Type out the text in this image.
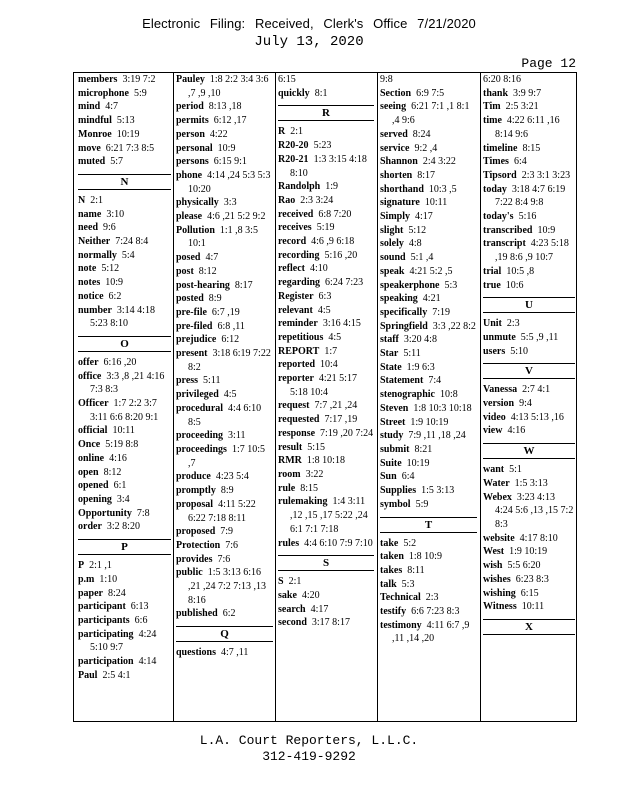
Electronic Filing: Received, Clerk's Office 7/21/2020
July 13, 2020
Page 12
members 3:19 7:2
microphone 5:9
mind 4:7
mindful 5:13
Monroe 10:19
move 6:21 7:3 8:5
muted 5:7
N
N 2:1
name 3:10
need 9:6
Neither 7:24 8:4
normally 5:4
note 5:12
notes 10:9
notice 6:2
number 3:14 4:18 5:23 8:10
O
offer 6:16 ,20
office 3:3 ,8 ,21 4:16 7:3 8:3
Officer 1:7 2:2 3:7 3:11 6:6 8:20 9:1
official 10:11
Once 5:19 8:8
online 4:16
open 8:12
opened 6:1
opening 3:4
Opportunity 7:8
order 3:2 8:20
P
P 2:1 ,1
p.m 1:10
paper 8:24
participant 6:13
participants 6:6
participating 4:24 5:10 9:7
participation 4:14
Paul 2:5 4:1
Pauley 1:8 2:2 3:4 3:6 ,7 ,9 ,10
period 8:13 ,18
permits 6:12 ,17
person 4:22
personal 10:9
persons 6:15 9:1
phone 4:14 ,24 5:3 5:3 10:20
physically 3:3
please 4:6 ,21 5:2 9:2
Pollution 1:1 ,8 3:5 10:1
posed 4:7
post 8:12
post-hearing 8:17
posted 8:9
pre-file 6:7 ,19
pre-filed 6:8 ,11
prejudice 6:12
present 3:18 6:19 7:22 8:2
press 5:11
privileged 4:5
procedural 4:4 6:10 8:5
proceeding 3:11
proceedings 1:7 10:5 ,7
produce 4:23 5:4
promptly 8:9
proposal 4:11 5:22 6:22 7:18 8:11
proposed 7:9
Protection 7:6
provides 7:6
public 1:5 3:13 6:16 ,21 ,24 7:2 7:13 ,13 8:16
published 6:2
Q
questions 4:7 ,11
6:15
quickly 8:1
R
R 2:1
R20-20 5:23
R20-21 1:3 3:15 4:18 8:10
Randolph 1:9
Rao 2:3 3:24
received 6:8 7:20
receives 5:19
record 4:6 ,9 6:18
recording 5:16 ,20
reflect 4:10
regarding 6:24 7:23
Register 6:3
relevant 4:5
reminder 3:16 4:15
repetitious 4:5
REPORT 1:7
reported 10:4
reporter 4:21 5:17 5:18 10:4
request 7:7 ,21 ,24
requested 7:17 ,19
response 7:19 ,20 7:24
result 5:15
RMR 1:8 10:18
room 3:22
rule 8:15
rulemaking 1:4 3:11 ,12 ,15 ,17 5:22 ,24 6:1 7:1 7:18
rules 4:4 6:10 7:9 7:10
S
S 2:1
sake 4:20
search 4:17
second 3:17 8:17
9:8
Section 6:9 7:5
seeing 6:21 7:1 ,1 8:1 ,4 9:6
served 8:24
service 9:2 ,4
Shannon 2:4 3:22
shorten 8:17
shorthand 10:3 ,5
signature 10:11
Simply 4:17
slight 5:12
solely 4:8
sound 5:1 ,4
speak 4:21 5:2 ,5
speakerphone 5:3
speaking 4:21
specifically 7:19
Springfield 3:3 ,22 8:2
staff 3:20 4:8
Star 5:11
State 1:9 6:3
Statement 7:4
stenographic 10:8
Steven 1:8 10:3 10:18
Street 1:9 10:19
study 7:9 ,11 ,18 ,24
submit 8:21
Suite 10:19
Sun 6:4
Supplies 1:5 3:13
symbol 5:9
T
take 5:2
taken 1:8 10:9
takes 8:11
talk 5:3
Technical 2:3
testify 6:6 7:23 8:3
testimony 4:11 6:7 ,9 ,11 ,14 ,20
6:20 8:16
thank 3:9 9:7
Tim 2:5 3:21
time 4:22 6:11 ,16 8:14 9:6
timeline 8:15
Times 6:4
Tipsord 2:3 3:1 3:23
today 3:18 4:7 6:19 7:22 8:4 9:8
today's 5:16
transcribed 10:9
transcript 4:23 5:18 ,19 8:6 ,9 10:7
trial 10:5 ,8
true 10:6
U
Unit 2:3
unmute 5:5 ,9 ,11
users 5:10
V
Vanessa 2:7 4:1
version 9:4
video 4:13 5:13 ,16
view 4:16
W
want 5:1
Water 1:5 3:13
Webex 3:23 4:13 4:24 5:6 ,13 ,15 7:2 8:3
website 4:17 8:10
West 1:9 10:19
wish 5:5 6:20
wishes 6:23 8:3
wishing 6:15
Witness 10:11
X
L.A. Court Reporters, L.L.C.
312-419-9292
